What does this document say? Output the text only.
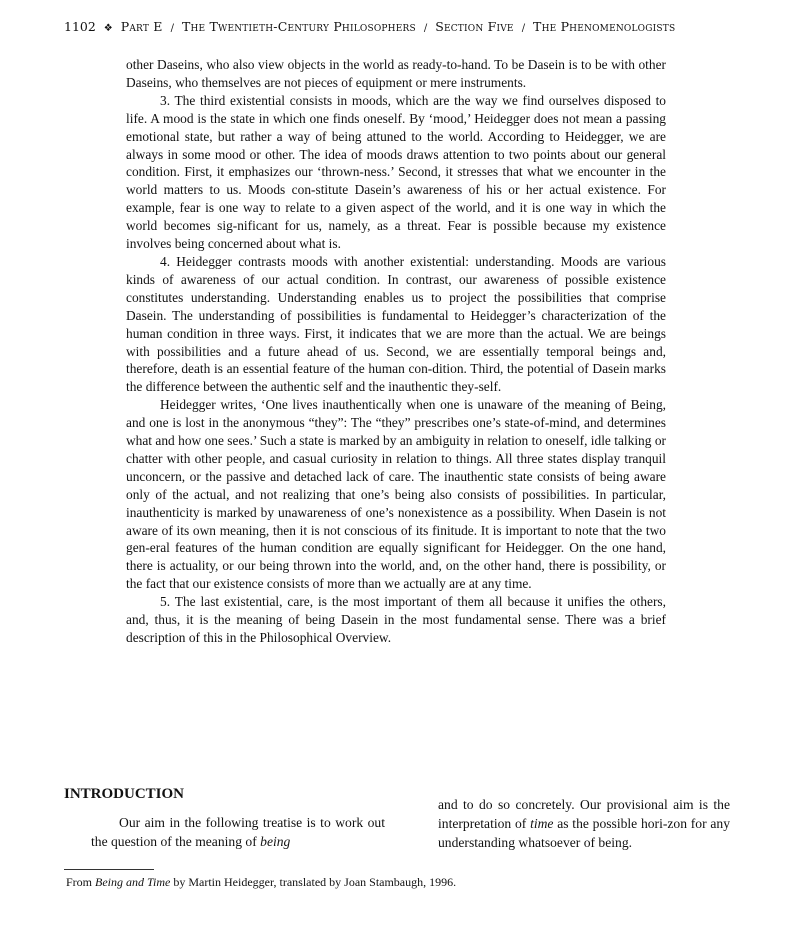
1102 ❖ Part E / The Twentieth-Century Philosophers / Section Five / The Phenomenologists

other Daseins, who also view objects in the world as ready-to-hand. To be Dasein is to be with other Daseins, who themselves are not pieces of equipment or mere instruments.

3. The third existential consists in moods, which are the way we find ourselves disposed to life. A mood is the state in which one finds oneself. By ‘mood,’ Heidegger does not mean a passing emotional state, but rather a way of being attuned to the world. According to Heidegger, we are always in some mood or other. The idea of moods draws attention to two points about our general condition. First, it emphasizes our ‘thrown-ness.’ Second, it stresses that what we encounter in the world matters to us. Moods con-stitute Dasein’s awareness of his or her actual existence. For example, fear is one way to relate to a given aspect of the world, and it is one way in which the world becomes sig-nificant for us, namely, as a threat. Fear is possible because my existence involves being concerned about what is.

4. Heidegger contrasts moods with another existential: understanding. Moods are various kinds of awareness of our actual condition. In contrast, our awareness of possible existence constitutes understanding. Understanding enables us to project the possibilities that comprise Dasein. The understanding of possibilities is fundamental to Heidegger’s characterization of the human condition in three ways. First, it indicates that we are more than the actual. We are beings with possibilities and a future ahead of us. Second, we are essentially temporal beings and, therefore, death is an essential feature of the human con-dition. Third, the potential of Dasein marks the difference between the authentic self and the inauthentic they-self.

Heidegger writes, ‘One lives inauthentically when one is unaware of the meaning of Being, and one is lost in the anonymous “they”: The “they” prescribes one’s state-of-mind, and determines what and how one sees.’ Such a state is marked by an ambiguity in relation to oneself, idle talking or chatter with other people, and casual curiosity in relation to things. All three states display tranquil unconcern, or the passive and detached lack of care. The inauthentic state consists of being aware only of the actual, and not realizing that one’s being also consists of possibilities. In particular, inauthenticity is marked by unawareness of one’s nonexistence as a possibility. When Dasein is not aware of its own meaning, then it is not conscious of its finitude. It is important to note that the two gen-eral features of the human condition are equally significant for Heidegger. On the one hand, there is actuality, or our being thrown into the world, and, on the other hand, there is possibility, or the fact that our existence consists of more than we actually are at any time.

5. The last existential, care, is the most important of them all because it unifies the others, and, thus, it is the meaning of being Dasein in the most fundamental sense. There was a brief description of this in the Philosophical Overview.

INTRODUCTION
Our aim in the following treatise is to work out the question of the meaning of being
and to do so concretely. Our provisional aim is the interpretation of time as the possible hori-zon for any understanding whatsoever of being.
From Being and Time by Martin Heidegger, translated by Joan Stambaugh, 1996.
